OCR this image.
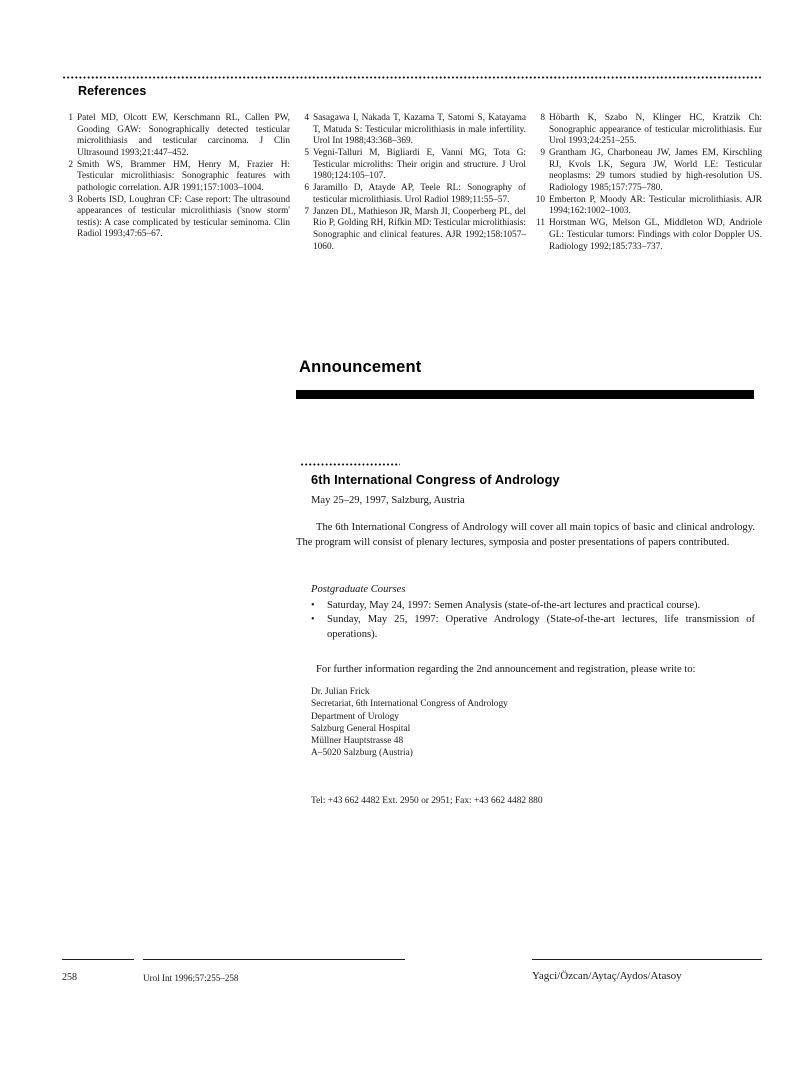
References
1 Patel MD, Olcott EW, Kerschmann RL, Callen PW, Gooding GAW: Sonographically detected testicular microlithiasis and testicular carcinoma. J Clin Ultrasound 1993;21:447–452.
2 Smith WS, Brammer HM, Henry M, Frazier H: Testicular microlithiasis: Sonographic features with pathologic correlation. AJR 1991;157:1003–1004.
3 Roberts ISD, Loughran CF: Case report: The ultrasound appearances of testicular microlithiasis ('snow storm' testis): A case complicated by testicular seminoma. Clin Radiol 1993;47:65–67.
4 Sasagawa I, Nakada T, Kazama T, Satomi S, Katayama T, Matuda S: Testicular microlithiasis in male infertility. Urol Int 1988;43:368–369.
5 Vegni-Talluri M, Bigliardi E, Vanni MG, Tota G: Testicular microliths: Their origin and structure. J Urol 1980;124:105–107.
6 Jaramillo D, Atayde AP, Teele RL: Sonography of testicular microlithiasis. Urol Radiol 1989;11:55–57.
7 Janzen DL, Mathieson JR, Marsh JI, Cooperberg PL, del Rio P, Golding RH, Rifkin MD: Testicular microlithiasis: Sonographic and clinical features. AJR 1992;158:1057–1060.
8 Höbarth K, Szabo N, Klinger HC, Kratzik Ch: Sonographic appearance of testicular microlithiasis. Eur Urol 1993;24:251–255.
9 Grantham JG, Charboneau JW, James EM, Kirschling RJ, Kvols LK, Segura JW, World LE: Testicular neoplasms: 29 tumors studied by high-resolution US. Radiology 1985;157:775–780.
10 Emberton P, Moody AR: Testicular microlithiasis. AJR 1994;162:1002–1003.
11 Horstman WG, Melson GL, Middleton WD, Andriole GL: Testicular tumors: Findings with color Doppler US. Radiology 1992;185:733–737.
Announcement
6th International Congress of Andrology
May 25–29, 1997, Salzburg, Austria

The 6th International Congress of Andrology will cover all main topics of basic and clinical andrology. The program will consist of plenary lectures, symposia and poster presentations of papers contributed.

Postgraduate Courses
•	Saturday, May 24, 1997: Semen Analysis (state-of-the-art lectures and practical course).
•	Sunday, May 25, 1997: Operative Andrology (State-of-the-art lectures, life transmission of operations).

For further information regarding the 2nd announcement and registration, please write to:

Dr. Julian Frick
Secretariat, 6th International Congress of Andrology
Department of Urology
Salzburg General Hospital
Müllner Hauptstrasse 48
A–5020 Salzburg (Austria)
Tel: +43 662 4482 Ext. 2950 or 2951; Fax: +43 662 4482 880
258	Urol Int 1996;57:255–258	Yagci/Özcan/Aytaç/Aydos/Atasoy
